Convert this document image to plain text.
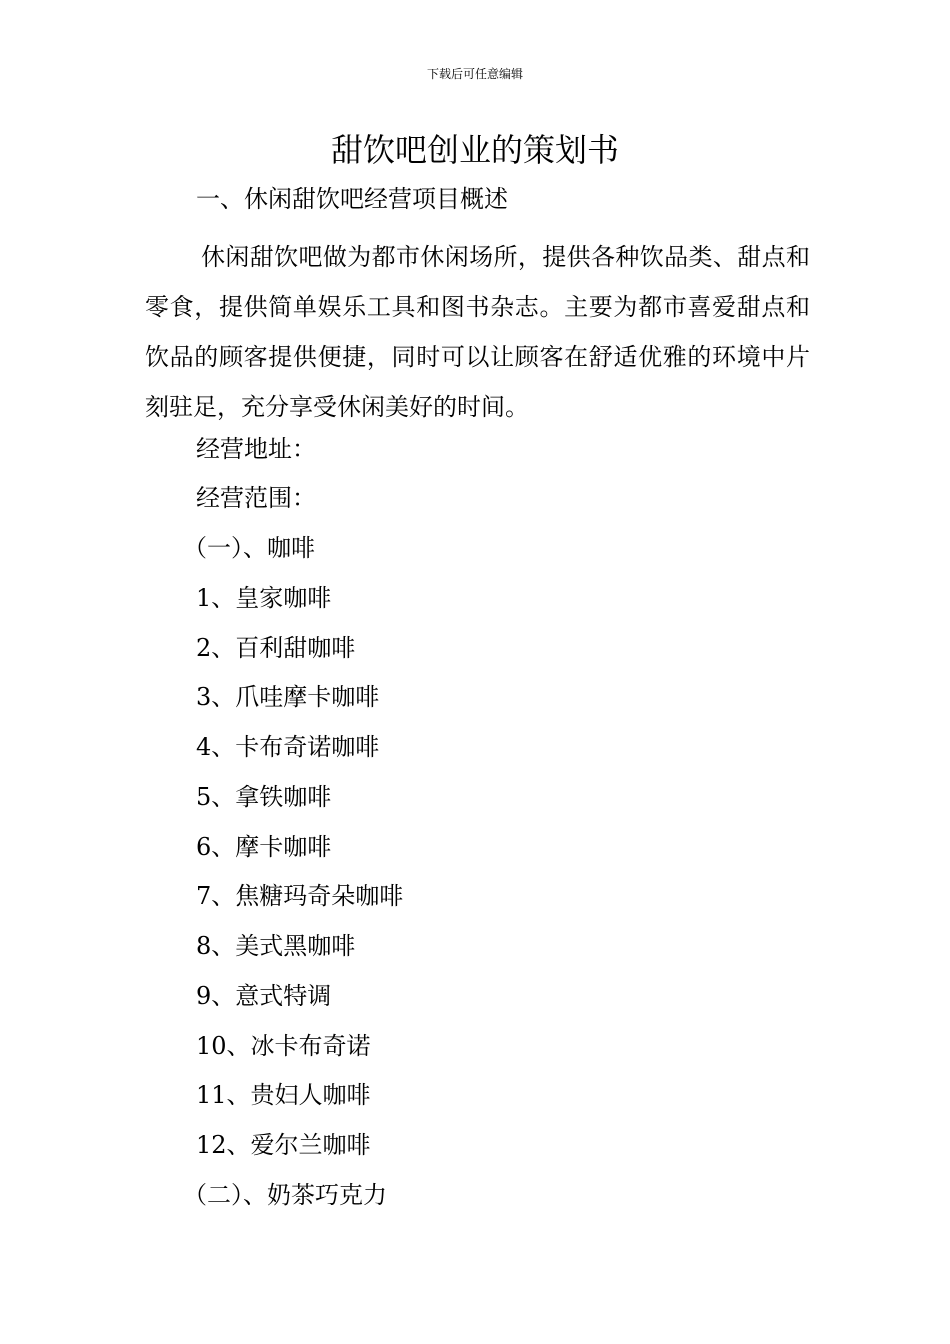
下载后可任意编辑
甜饮吧创业的策划书
一、休闲甜饮吧经营项目概述

休闲甜饮吧做为都市休闲场所，提供各种饮品类、甜点和零食，提供简单娱乐工具和图书杂志。主要为都市喜爱甜点和饮品的顾客提供便捷，同时可以让顾客在舒适优雅的环境中片刻驻足，充分享受休闲美好的时间。

经营地址：
经营范围：
（一）、咖啡
1、皇家咖啡
2、百利甜咖啡
3、爪哇摩卡咖啡
4、卡布奇诺咖啡
5、拿铁咖啡
6、摩卡咖啡
7、焦糖玛奇朵咖啡
8、美式黑咖啡
9、意式特调
10、冰卡布奇诺
11、贵妇人咖啡
12、爱尔兰咖啡
（二）、奶茶巧克力
